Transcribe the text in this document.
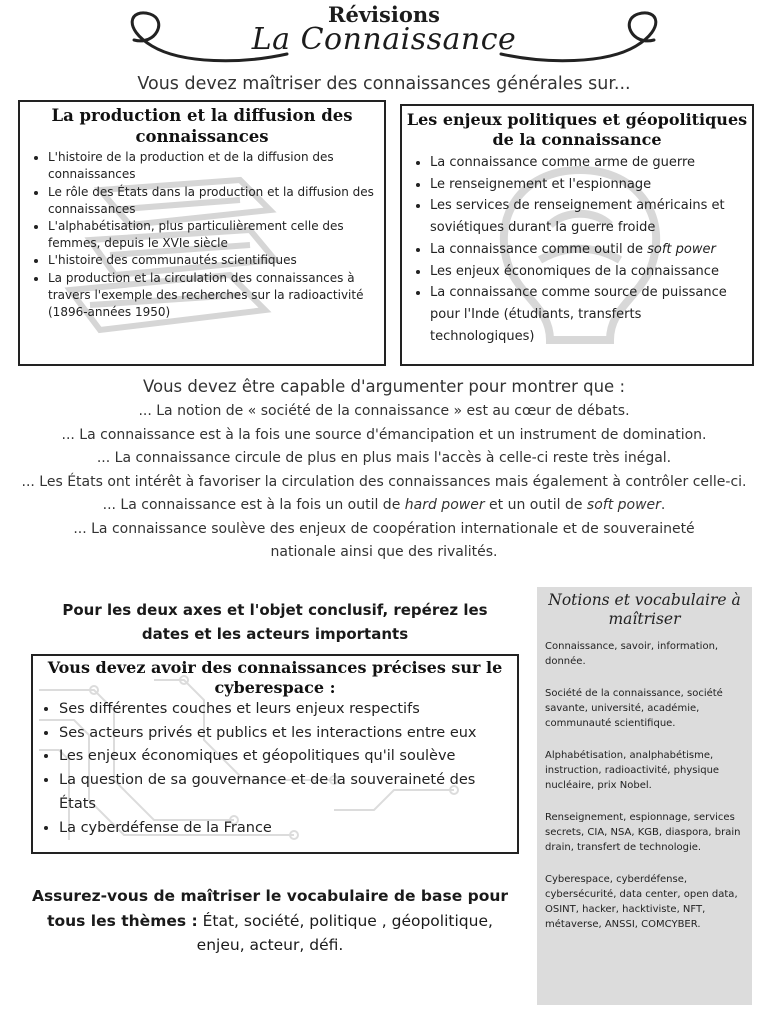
Révisions
La Connaissance
Vous devez maîtriser des connaissances générales sur...
La production et la diffusion des connaissances
• L'histoire de la production et de la diffusion des connaissances
• Le rôle des États dans la production et la diffusion des connaissances
• L'alphabétisation, plus particulièrement celle des femmes, depuis le XVIe siècle
• L'histoire des communautés scientifiques
• La production et la circulation des connaissances à travers l'exemple des recherches sur la radioactivité (1896-années 1950)
Les enjeux politiques et géopolitiques de la connaissance
• La connaissance comme arme de guerre
• Le renseignement et l'espionnage
• Les services de renseignement américains et soviétiques durant la guerre froide
• La connaissance comme outil de soft power
• Les enjeux économiques de la connaissance
• La connaissance comme source de puissance pour l'Inde (étudiants, transferts technologiques)
Vous devez être capable d'argumenter pour montrer que :
... La notion de « société de la connaissance » est au cœur de débats.
... La connaissance est à la fois une source d'émancipation et un instrument de domination.
... La connaissance circule de plus en plus mais l'accès à celle-ci reste très inégal.
... Les États ont intérêt à favoriser la circulation des connaissances mais également à contrôler celle-ci.
... La connaissance est à la fois un outil de hard power et un outil de soft power.
... La connaissance soulève des enjeux de coopération internationale et de souveraineté nationale ainsi que des rivalités.
Pour les deux axes et l'objet conclusif, repérez les dates et les acteurs importants
Vous devez avoir des connaissances précises sur le cyberespace :
• Ses différentes couches et leurs enjeux respectifs
• Ses acteurs privés et publics et les interactions entre eux
• Les enjeux économiques et géopolitiques qu'il soulève
• La question de sa gouvernance et de la souveraineté des États
• La cyberdéfense de la France
Assurez-vous de maîtriser le vocabulaire de base pour tous les thèmes : État, société, politique , géopolitique, enjeu, acteur, défi.
Notions et vocabulaire à maîtriser

Connaissance, savoir, information, donnée.

Société de la connaissance, société savante, université, académie, communauté scientifique.

Alphabétisation, analphabétisme, instruction, radioactivité, physique nucléaire, prix Nobel.

Renseignement, espionnage, services secrets, CIA, NSA, KGB, diaspora, brain drain, transfert de technologie.

Cyberespace, cyberdéfense, cybersécurité, data center, open data, OSINT, hacker, hacktiviste, NFT, métaverse, ANSSI, COMCYBER.
